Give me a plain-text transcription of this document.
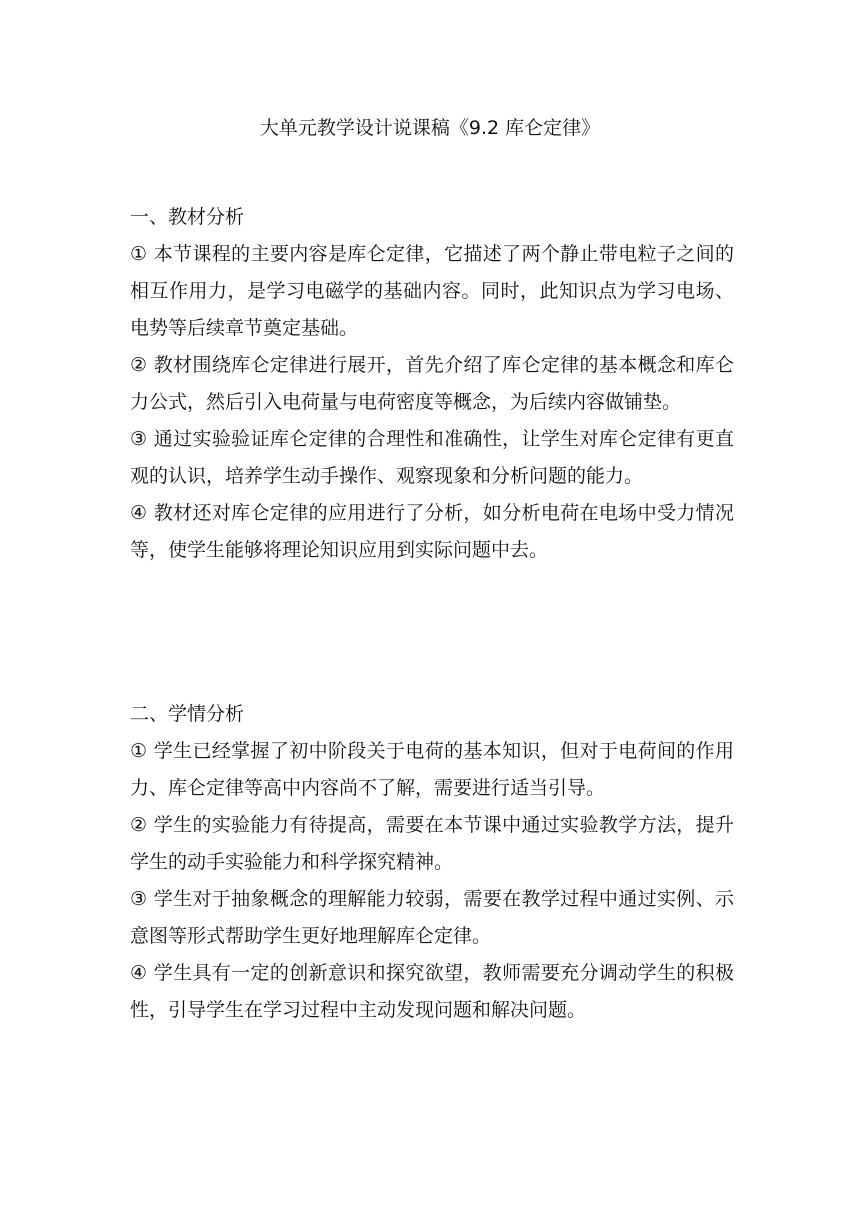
大单元教学设计说课稿《9.2 库仑定律》
一、教材分析

① 本节课程的主要内容是库仑定律，它描述了两个静止带电粒子之间的相互作用力，是学习电磁学的基础内容。同时，此知识点为学习电场、电势等后续章节奠定基础。

② 教材围绕库仑定律进行展开，首先介绍了库仑定律的基本概念和库仑力公式，然后引入电荷量与电荷密度等概念，为后续内容做铺垫。

③ 通过实验验证库仑定律的合理性和准确性，让学生对库仑定律有更直观的认识，培养学生动手操作、观察现象和分析问题的能力。

④ 教材还对库仑定律的应用进行了分析，如分析电荷在电场中受力情况等，使学生能够将理论知识应用到实际问题中去。

二、学情分析

① 学生已经掌握了初中阶段关于电荷的基本知识，但对于电荷间的作用力、库仑定律等高中内容尚不了解，需要进行适当引导。

② 学生的实验能力有待提高，需要在本节课中通过实验教学方法，提升学生的动手实验能力和科学探究精神。

③ 学生对于抽象概念的理解能力较弱，需要在教学过程中通过实例、示意图等形式帮助学生更好地理解库仑定律。

④ 学生具有一定的创新意识和探究欲望，教师需要充分调动学生的积极性，引导学生在学习过程中主动发现问题和解决问题。
